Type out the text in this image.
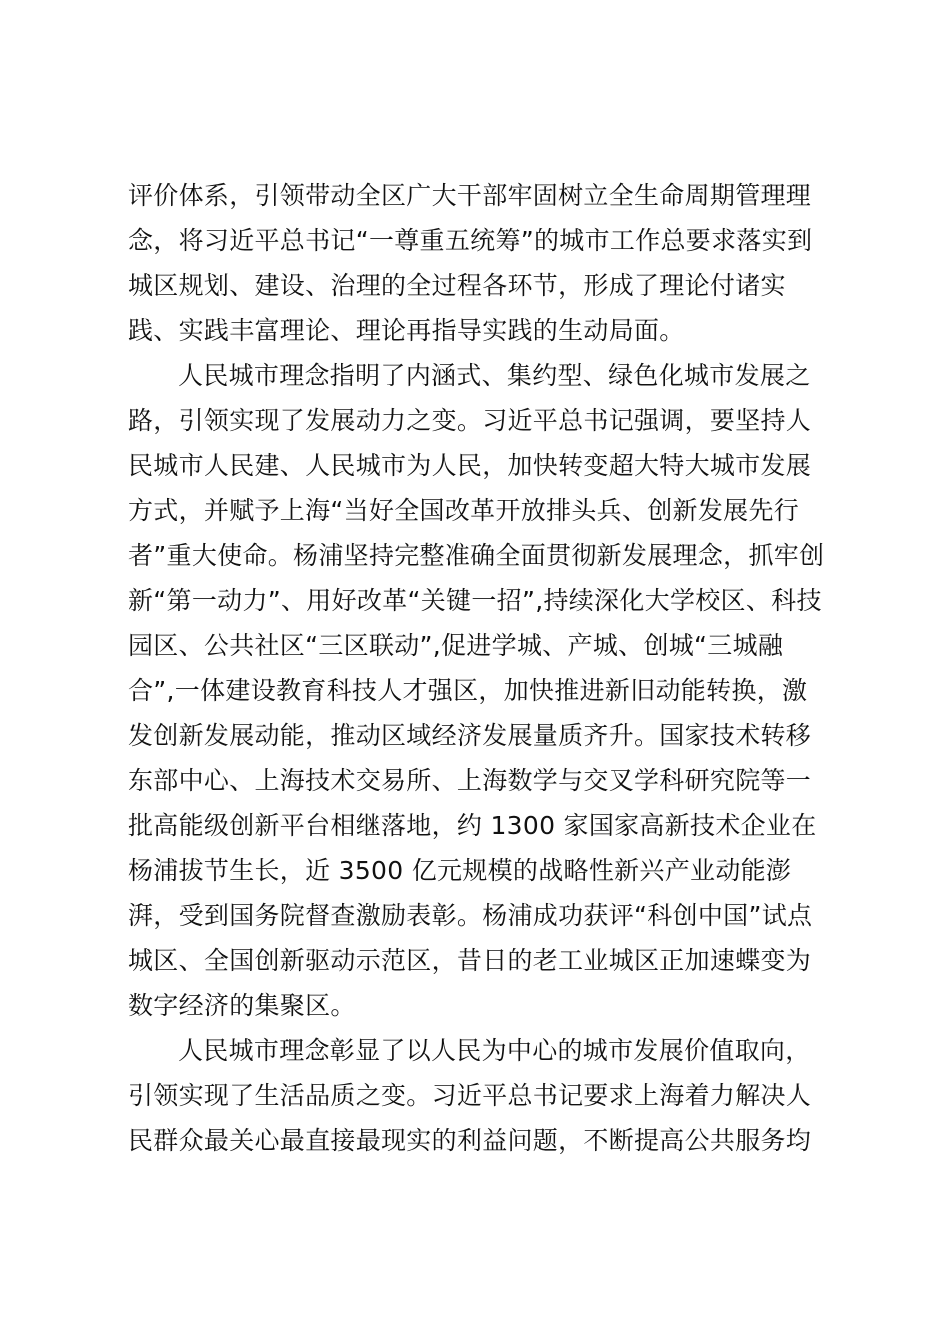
评价体系，引领带动全区广大干部牢固树立全生命周期管理理
念，将习近平总书记“一尊重五统筹”的城市工作总要求落实到
城区规划、建设、治理的全过程各环节，形成了理论付诸实
践、实践丰富理论、理论再指导实践的生动局面。
人民城市理念指明了内涵式、集约型、绿色化城市发展之
路，引领实现了发展动力之变。习近平总书记强调，要坚持人
民城市人民建、人民城市为人民，加快转变超大特大城市发展
方式，并赋予上海“当好全国改革开放排头兵、创新发展先行
者”重大使命。杨浦坚持完整准确全面贯彻新发展理念，抓牢创
新“第一动力”、用好改革“关键一招”,持续深化大学校区、科技
园区、公共社区“三区联动”,促进学城、产城、创城“三城融
合”,一体建设教育科技人才强区，加快推进新旧动能转换，激
发创新发展动能，推动区域经济发展量质齐升。国家技术转移
东部中心、上海技术交易所、上海数学与交叉学科研究院等一
批高能级创新平台相继落地，约 1300 家国家高新技术企业在
杨浦拔节生长，近 3500 亿元规模的战略性新兴产业动能澎
湃，受到国务院督查激励表彰。杨浦成功获评“科创中国”试点
城区、全国创新驱动示范区，昔日的老工业城区正加速蝶变为
数字经济的集聚区。
人民城市理念彰显了以人民为中心的城市发展价值取向，
引领实现了生活品质之变。习近平总书记要求上海着力解决人
民群众最关心最直接最现实的利益问题，不断提高公共服务均
